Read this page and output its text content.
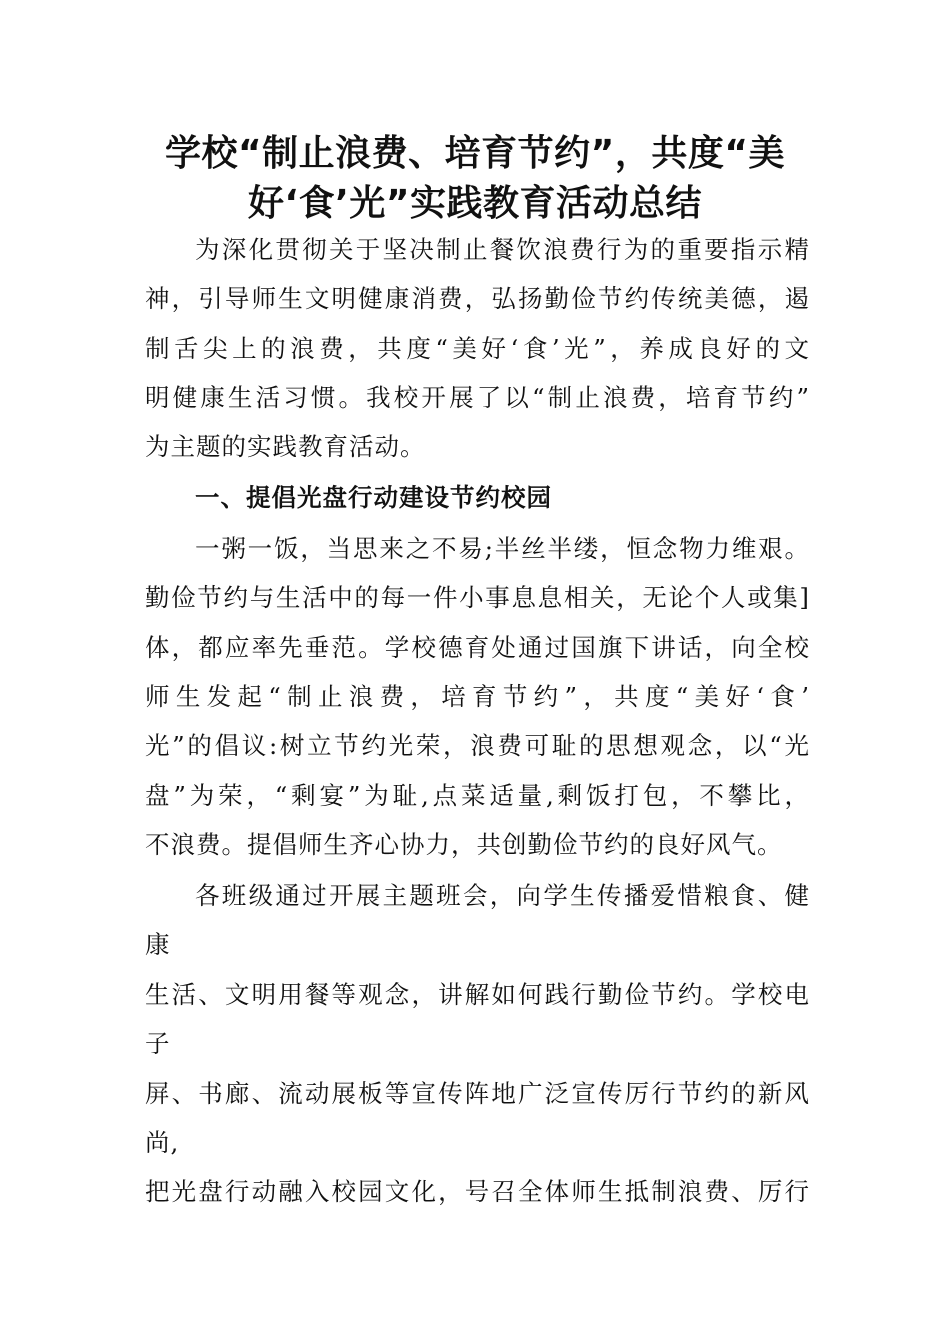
学校“制止浪费、培育节约”，共度“美
好‘食’光”实践教育活动总结
为深化贯彻关于坚决制止餐饮浪费行为的重要指示精
神，引导师生文明健康消费，弘扬勤俭节约传统美德，遏
制舌尖上的浪费，共度“美好‘食’光”，养成良好的文
明健康生活习惯。我校开展了以“制止浪费，培育节约”
为主题的实践教育活动。
一、提倡光盘行动建设节约校园
一粥一饭，当思来之不易;半丝半缕，恒念物力维艰。
勤俭节约与生活中的每一件小事息息相关，无论个人或集]
体，都应率先垂范。学校德育处通过国旗下讲话，向全校
师生发起“制止浪费，培育节约”，共度“美好‘食’
光”的倡议:树立节约光荣，浪费可耻的思想观念，以“光
盘”为荣，“剩宴”为耻,点菜适量,剩饭打包，不攀比，
不浪费。提倡师生齐心协力，共创勤俭节约的良好风气。
各班级通过开展主题班会，向学生传播爱惜粮食、健
康
生活、文明用餐等观念，讲解如何践行勤俭节约。学校电
子
屏、书廊、流动展板等宣传阵地广泛宣传厉行节约的新风
尚,
把光盘行动融入校园文化，号召全体师生抵制浪费、厉行
